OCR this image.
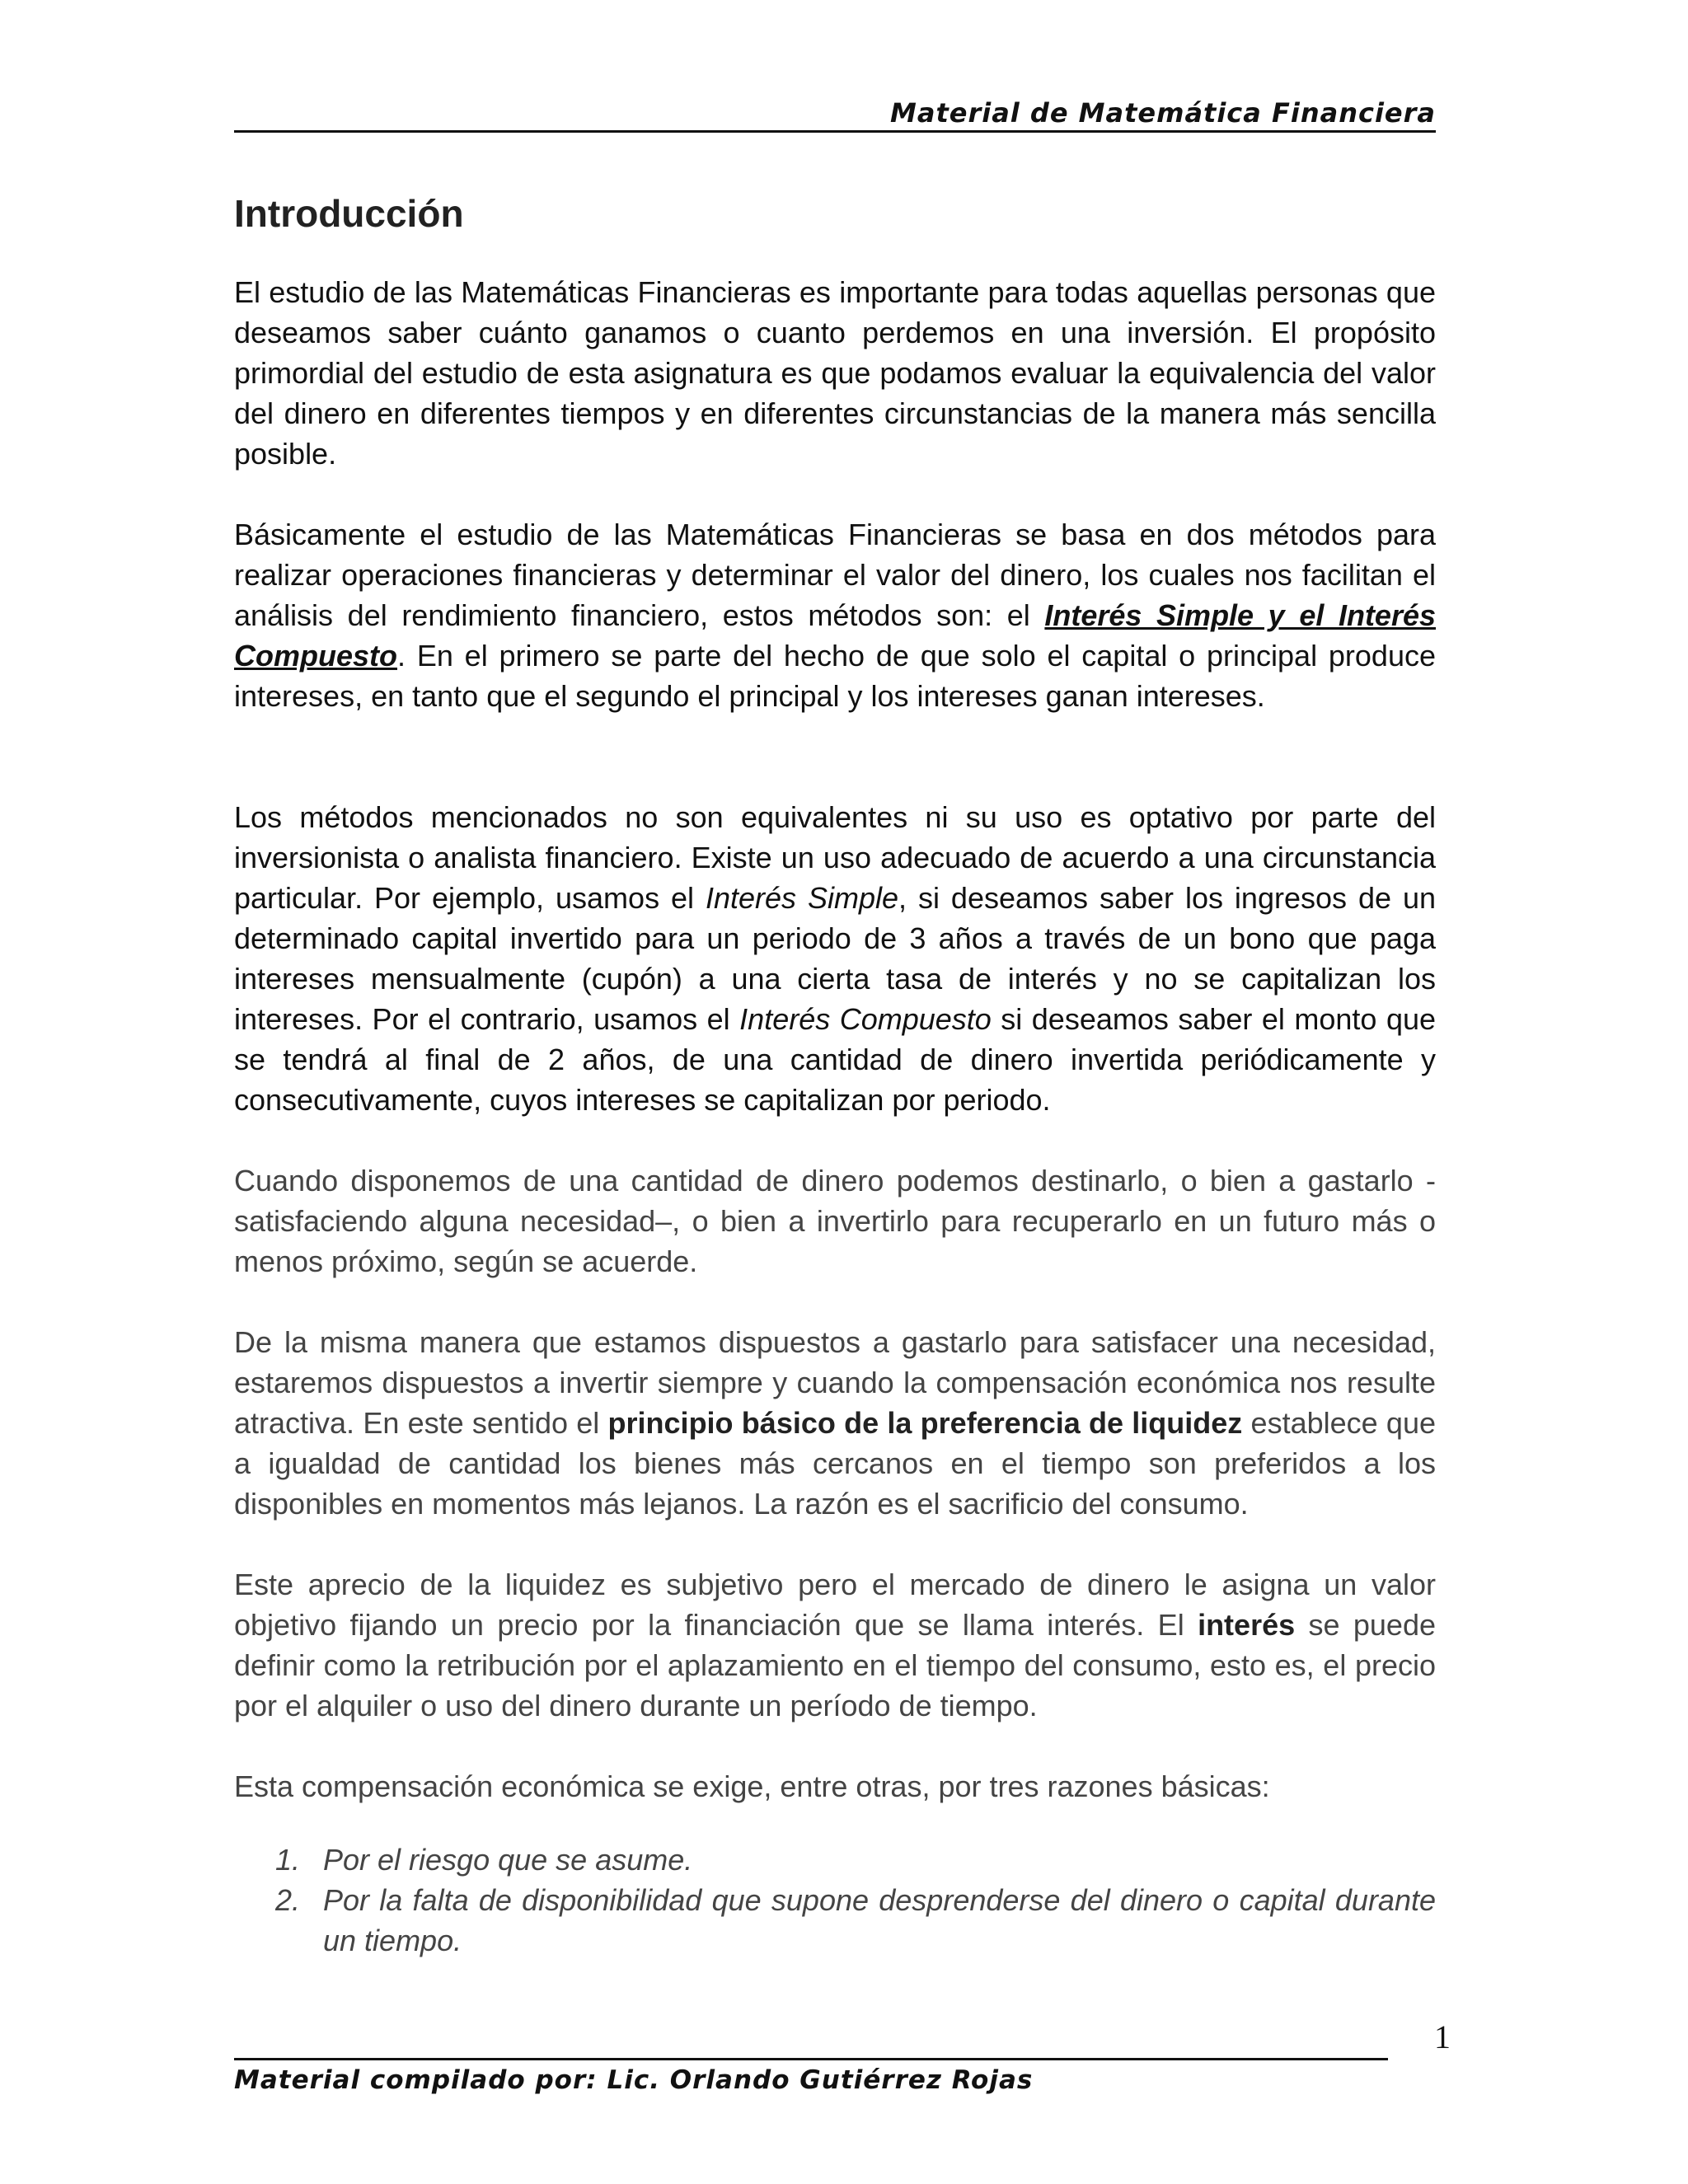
Material de Matemática Financiera
Introducción

El estudio de las Matemáticas Financieras es importante para todas aquellas personas que deseamos saber cuánto ganamos o cuanto perdemos en una inversión. El propósito primordial del estudio de esta asignatura es que podamos evaluar la equivalencia del valor del dinero en diferentes tiempos y en diferentes circunstancias de la manera más sencilla posible.

Básicamente el estudio de las Matemáticas Financieras se basa en dos métodos para realizar operaciones financieras y determinar el valor del dinero, los cuales nos facilitan el análisis del rendimiento financiero, estos métodos son: el Interés Simple y el Interés Compuesto. En el primero se parte del hecho de que solo el capital o principal produce intereses, en tanto que el segundo el principal y los intereses ganan intereses.

Los métodos mencionados no son equivalentes ni su uso es optativo por parte del inversionista o analista financiero. Existe un uso adecuado de acuerdo a una circunstancia particular. Por ejemplo, usamos el Interés Simple, si deseamos saber los ingresos de un determinado capital invertido para un periodo de 3 años a través de un bono que paga intereses mensualmente (cupón) a una cierta tasa de interés y no se capitalizan los intereses. Por el contrario, usamos el Interés Compuesto si deseamos saber el monto que se tendrá al final de 2 años, de una cantidad de dinero invertida periódicamente y consecutivamente, cuyos intereses se capitalizan por periodo.

Cuando disponemos de una cantidad de dinero podemos destinarlo, o bien a gastarlo -satisfaciendo alguna necesidad–, o bien a invertirlo para recuperarlo en un futuro más o menos próximo, según se acuerde.

De la misma manera que estamos dispuestos a gastarlo para satisfacer una necesidad, estaremos dispuestos a invertir siempre y cuando la compensación económica nos resulte atractiva. En este sentido el principio básico de la preferencia de liquidez establece que a igualdad de cantidad los bienes más cercanos en el tiempo son preferidos a los disponibles en momentos más lejanos. La razón es el sacrificio del consumo.

Este aprecio de la liquidez es subjetivo pero el mercado de dinero le asigna un valor objetivo fijando un precio por la financiación que se llama interés. El interés se puede definir como la retribución por el aplazamiento en el tiempo del consumo, esto es, el precio por el alquiler o uso del dinero durante un período de tiempo.

Esta compensación económica se exige, entre otras, por tres razones básicas:

1. Por el riesgo que se asume.
2. Por la falta de disponibilidad que supone desprenderse del dinero o capital durante un tiempo.
1
Material compilado por: Lic. Orlando Gutiérrez Rojas
